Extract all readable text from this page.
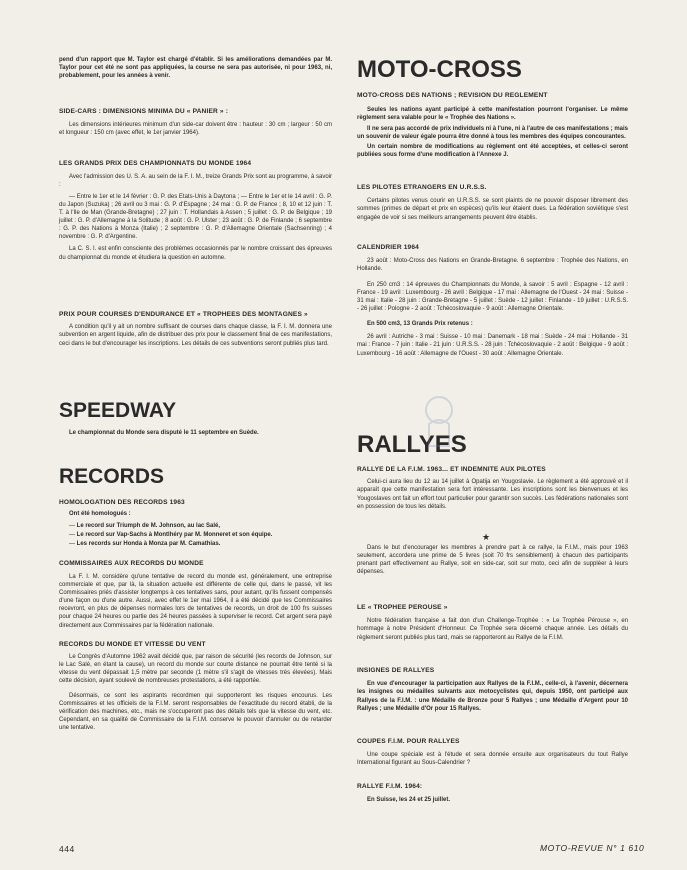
pend d'un rapport que M. Taylor est chargé d'établir. Si les améliorations demandées par M. Taylor pour cet été ne sont pas appliquées, la course ne sera pas autorisée, ni pour 1963, ni, probablement, pour les années à venir.

SIDE-CARS : DIMENSIONS MINIMA DU « PANIER » :

Les dimensions intérieures minimum d'un side-car doivent être : hauteur : 30 cm ; largeur : 50 cm et longueur : 150 cm (avec effet, le 1er janvier 1964).

LES GRANDS PRIX DES CHAMPIONNATS DU MONDE 1964

Avec l'admission des U. S. A. au sein de la F. I. M., treize Grands Prix sont au programme, à savoir :

— Entre le 1er et le 14 février : G. P. des Etats-Unis à Daytona ; — Entre le 1er et le 14 avril : G. P. du Japon (Suzuka) ; 26 avril ou 3 mai : G. P. d'Espagne ; 24 mai : G. P. de France ; 8, 10 et 12 juin : T. T. à l'Ile de Man (Grande-Bretagne) ; 27 juin : T. Hollandais à Assen ; 5 juillet : G. P. de Belgique ; 19 juillet : G. P. d'Allemagne à la Solitude ; 8 août : G. P. Ulster ; 23 août : G. P. de Finlande ; 6 septembre : G. P. des Nations à Monza (Italie) ; 2 septembre : G. P. d'Allemagne Orientale (Sachsenring) ; 4 novembre : G. P. d'Argentine.

La C. S. I. est enfin consciente des problèmes occasionnés par le nombre croissant des épreuves du championnat du monde et étudiera la question en automne.

PRIX POUR COURSES D'ENDURANCE ET « TROPHEES DES MONTAGNES »

A condition qu'il y ait un nombre suffisant de courses dans chaque classe, la F. I. M. donnera une subvention en argent liquide, afin de distribuer des prix pour le classement final de ces manifestations, ceci dans le but d'encourager les inscriptions. Les détails de ces subventions seront publiés plus tard.

SPEEDWAY

Le championnat du Monde sera disputé le 11 septembre en Suède.

RECORDS

HOMOLOGATION DES RECORDS 1963

Ont été homologués :

— Le record sur Triumph de M. Johnson, au lac Salé,
— Le record sur Vap-Sachs à Montlhéry par M. Monneret et son équipe.
— Les records sur Honda à Monza par M. Camathias.

COMMISSAIRES AUX RECORDS DU MONDE

La F. I. M. considère qu'une tentative de record du monde est, généralement, une entreprise commerciale et que, par là, la situation actuelle est différente de celle qui, dans le passé, vit les Commissaires priés d'assister longtemps à ces tentatives sans, pour autant, qu'ils fussent compensés d'une façon ou d'une autre. Aussi, avec effet le 1er mai 1964, il a été décidé que les Commissaires recevront, en plus de dépenses normales lors de tentatives de records, un droit de 100 frs suisses pour chaque 24 heures ou partie des 24 heures passées à superviser le record. Cet argent sera payé directement aux Commissaires par la fédération nationale.

RECORDS DU MONDE ET VITESSE DU VENT

Le Congrès d'Automne 1962 avait décidé que, par raison de sécurité (les records de Johnson, sur le Lac Salé, en étant la cause), un record du monde sur courte distance ne pourrait être tenté si la vitesse du vent dépassait 1,5 mètre par seconde (1 mètre s'il s'agit de vitesses très élevées). Mais cette décision, ayant soulevé de nombreuses protestations, a été rapportée.

Désormais, ce sont les aspirants recordmen qui supporteront les risques encourus. Les Commissaires et les officiels de la F.I.M. seront responsables de l'exactitude du record établi, de la vérification des machines, etc., mais ne s'occuperont pas des détails tels que la vitesse du vent, etc. Cependant, en sa qualité de Commissaire de la F.I.M. conserve le pouvoir d'annuler ou de retarder une tentative.

MOTO-CROSS

MOTO-CROSS DES NATIONS ; REVISION DU REGLEMENT

Seules les nations ayant participé à cette manifestation pourront l'organiser. Le même règlement sera valable pour le « Trophée des Nations ».

Il ne sera pas accordé de prix individuels ni à l'une, ni à l'autre de ces manifestations ; mais un souvenir de valeur égale pourra être donné à tous les membres des équipes concourantes.

Un certain nombre de modifications au règlement ont été acceptées, et celles-ci seront publiées sous forme d'une modification à l'Annexe J.

LES PILOTES ETRANGERS EN U.R.S.S.

Certains pilotes venus courir en U.R.S.S. se sont plaints de ne pouvoir disposer librement des sommes (primes de départ et prix en espèces) qu'ils leur étaient dues. La fédération soviétique s'est engagée de voir si ses meilleurs arrangements peuvent être établis.

CALENDRIER 1964

23 août : Moto-Cross des Nations en Grande-Bretagne. 6 septembre : Trophée des Nations, en Hollande.

En 250 cm3 : 14 épreuves du Championnats du Monde, à savoir : 5 avril : Espagne - 12 avril : France - 19 avril : Luxembourg - 26 avril : Belgique - 17 mai : Allemagne de l'Ouest - 24 mai : Suisse - 31 mai : Italie - 28 juin : Grande-Bretagne - 5 juillet : Suède - 12 juillet : Finlande - 19 juillet : U.R.S.S. - 26 juillet : Pologne - 2 août : Tchécoslovaquie - 9 août : Allemagne Orientale.

En 500 cm3, 13 Grands Prix retenus :

26 avril : Autriche - 3 mai : Suisse - 10 mai : Danemark - 18 mai : Suède - 24 mai : Hollande - 31 mai : France - 7 juin : Italie - 21 juin : U.R.S.S. - 28 juin : Tchécoslovaquie - 2 août : Belgique - 9 août : Luxembourg - 16 août : Allemagne de l'Ouest - 30 août : Allemagne Orientale.

RALLYES

RALLYE DE LA F.I.M. 1963... ET INDEMNITE AUX PILOTES

Celui-ci aura lieu du 12 au 14 juillet à Opatija en Yougoslavie. Le règlement a été approuvé et il apparaît que cette manifestation sera fort intéressante. Les inscriptions sont les bienvenues et les Yougoslaves ont fait un effort tout particulier pour garantir son succès. Les fédérations nationales sont en possession de tous les détails.

Dans le but d'encourager les membres à prendre part à ce rallye, la F.I.M., mais pour 1963 seulement, accordera une prime de 5 livres (soit 70 frs sensiblement) à chacun des participants prenant part effectivement au Rallye, soit en side-car, soit sur moto, ceci afin de suppléer à leurs dépenses.

LE « TROPHEE PEROUSE »

Notre fédération française a fait don d'un Challenge-Trophée : « Le Trophée Pérouse », en hommage à notre Président d'Honneur. Ce Trophée sera décerné chaque année. Les détails du règlement seront publiés plus tard, mais se rapporteront au Rallye de la F.I.M.

INSIGNES DE RALLYES

En vue d'encourager la participation aux Rallyes de la F.I.M., celle-ci, à l'avenir, décernera les insignes ou médailles suivants aux motocyclistes qui, depuis 1950, ont participé aux Rallyes de la F.I.M. : une Médaille de Bronze pour 5 Rallyes ; une Médaille d'Argent pour 10 Rallyes ; une Médaille d'Or pour 15 Rallyes.

COUPES F.I.M. POUR RALLYES

Une coupe spéciale est à l'étude et sera donnée ensuite aux organisateurs du tout Rallye International figurant au Sous-Calendrier ?

RALLYE F.I.M. 1964:

En Suisse, les 24 et 25 juillet.

★
444	MOTO-REVUE N° 1 610
